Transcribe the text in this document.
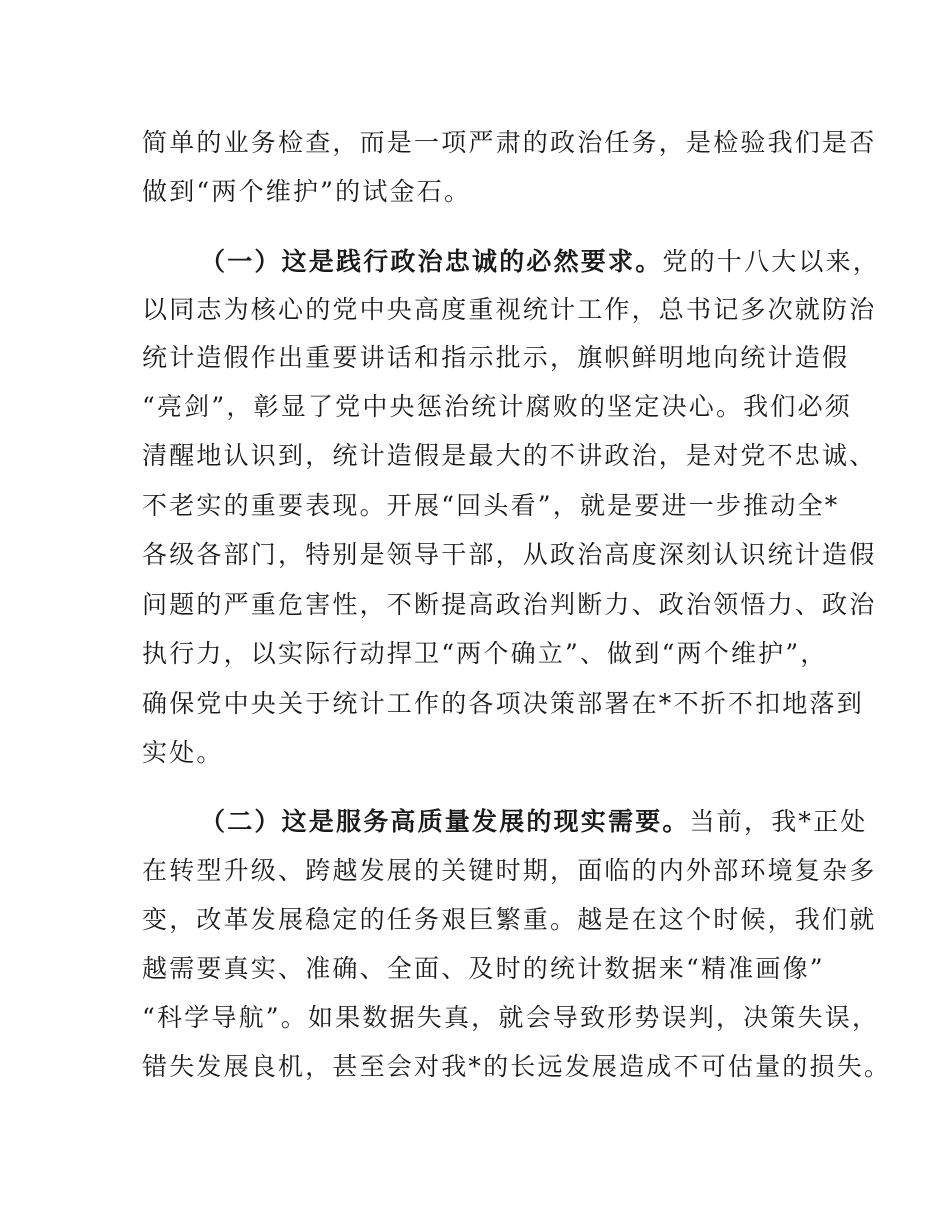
简单的业务检查，而是一项严肃的政治任务，是检验我们是否
做到“两个维护”的试金石。
（一）这是践行政治忠诚的必然要求。党的十八大以来，
以同志为核心的党中央高度重视统计工作，总书记多次就防治
统计造假作出重要讲话和指示批示，旗帜鲜明地向统计造假
“亮剑”，彰显了党中央惩治统计腐败的坚定决心。我们必须
清醒地认识到，统计造假是最大的不讲政治，是对党不忠诚、
不老实的重要表现。开展“回头看”，就是要进一步推动全*
各级各部门，特别是领导干部，从政治高度深刻认识统计造假
问题的严重危害性，不断提高政治判断力、政治领悟力、政治
执行力，以实际行动捍卫“两个确立”、做到“两个维护”，
确保党中央关于统计工作的各项决策部署在*不折不扣地落到
实处。
（二）这是服务高质量发展的现实需要。当前，我*正处
在转型升级、跨越发展的关键时期，面临的内外部环境复杂多
变，改革发展稳定的任务艰巨繁重。越是在这个时候，我们就
越需要真实、准确、全面、及时的统计数据来“精准画像”
“科学导航”。如果数据失真，就会导致形势误判，决策失误，
错失发展良机，甚至会对我*的长远发展造成不可估量的损失。
